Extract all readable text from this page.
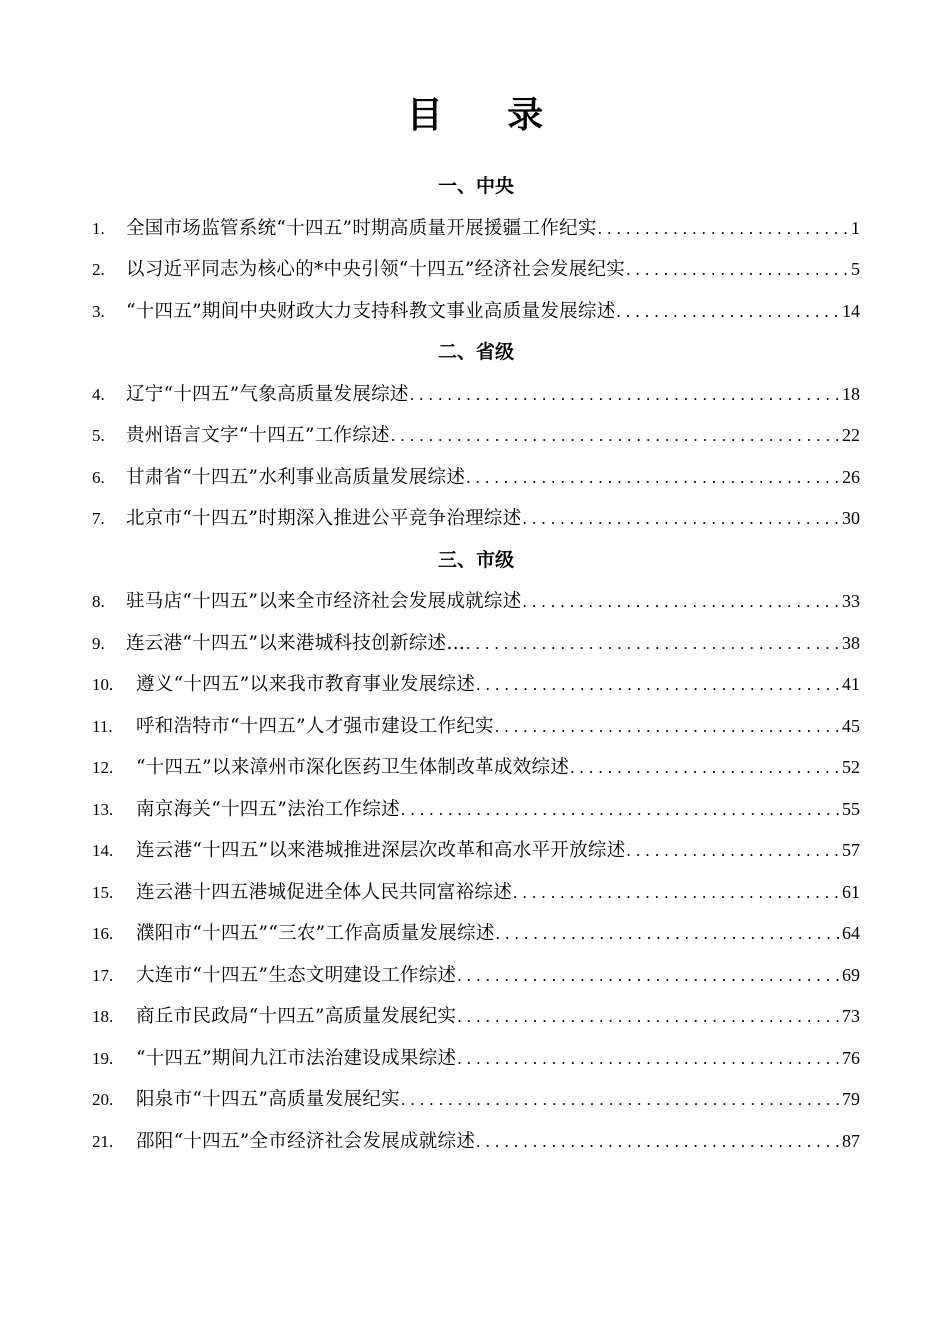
目 录
一、中央
1.	全国市场监管系统“十四五”时期高质量开展援疆工作纪实 .....	1
2.	以习近平同志为核心的*中央引领“十四五”经济社会发展纪实 .....	5
3.	“十四五”期间中央财政大力支持科教文事业高质量发展综述 .....	14
二、省级
4.	辽宁“十四五”气象高质量发展综述 .....	18
5.	贵州语言文字“十四五”工作综述 .....	22
6.	甘肃省“十四五”水利事业高质量发展综述 .....	26
7.	北京市“十四五”时期深入推进公平竞争治理综述 .....	30
三、市级
8.	驻马店“十四五”以来全市经济社会发展成就综述 .....	33
9.	连云港“十四五”以来港城科技创新综述… .....	38
10.	遵义“十四五”以来我市教育事业发展综述 .....	41
11.	呼和浩特市“十四五”人才强市建设工作纪实 .....	45
12.	“十四五”以来漳州市深化医药卫生体制改革成效综述 .....	52
13.	南京海关“十四五”法治工作综述 .....	55
14.	连云港“十四五”以来港城推进深层次改革和高水平开放综述 .....	57
15.	连云港十四五港城促进全体人民共同富裕综述 .....	61
16.	濮阳市“十四五”“三农”工作高质量发展综述 .....	64
17.	大连市“十四五”生态文明建设工作综述 .....	69
18.	商丘市民政局“十四五”高质量发展纪实 .....	73
19.	“十四五”期间九江市法治建设成果综述 .....	76
20.	阳泉市“十四五”高质量发展纪实 .....	79
21.	邵阳“十四五”全市经济社会发展成就综述 .....	87
